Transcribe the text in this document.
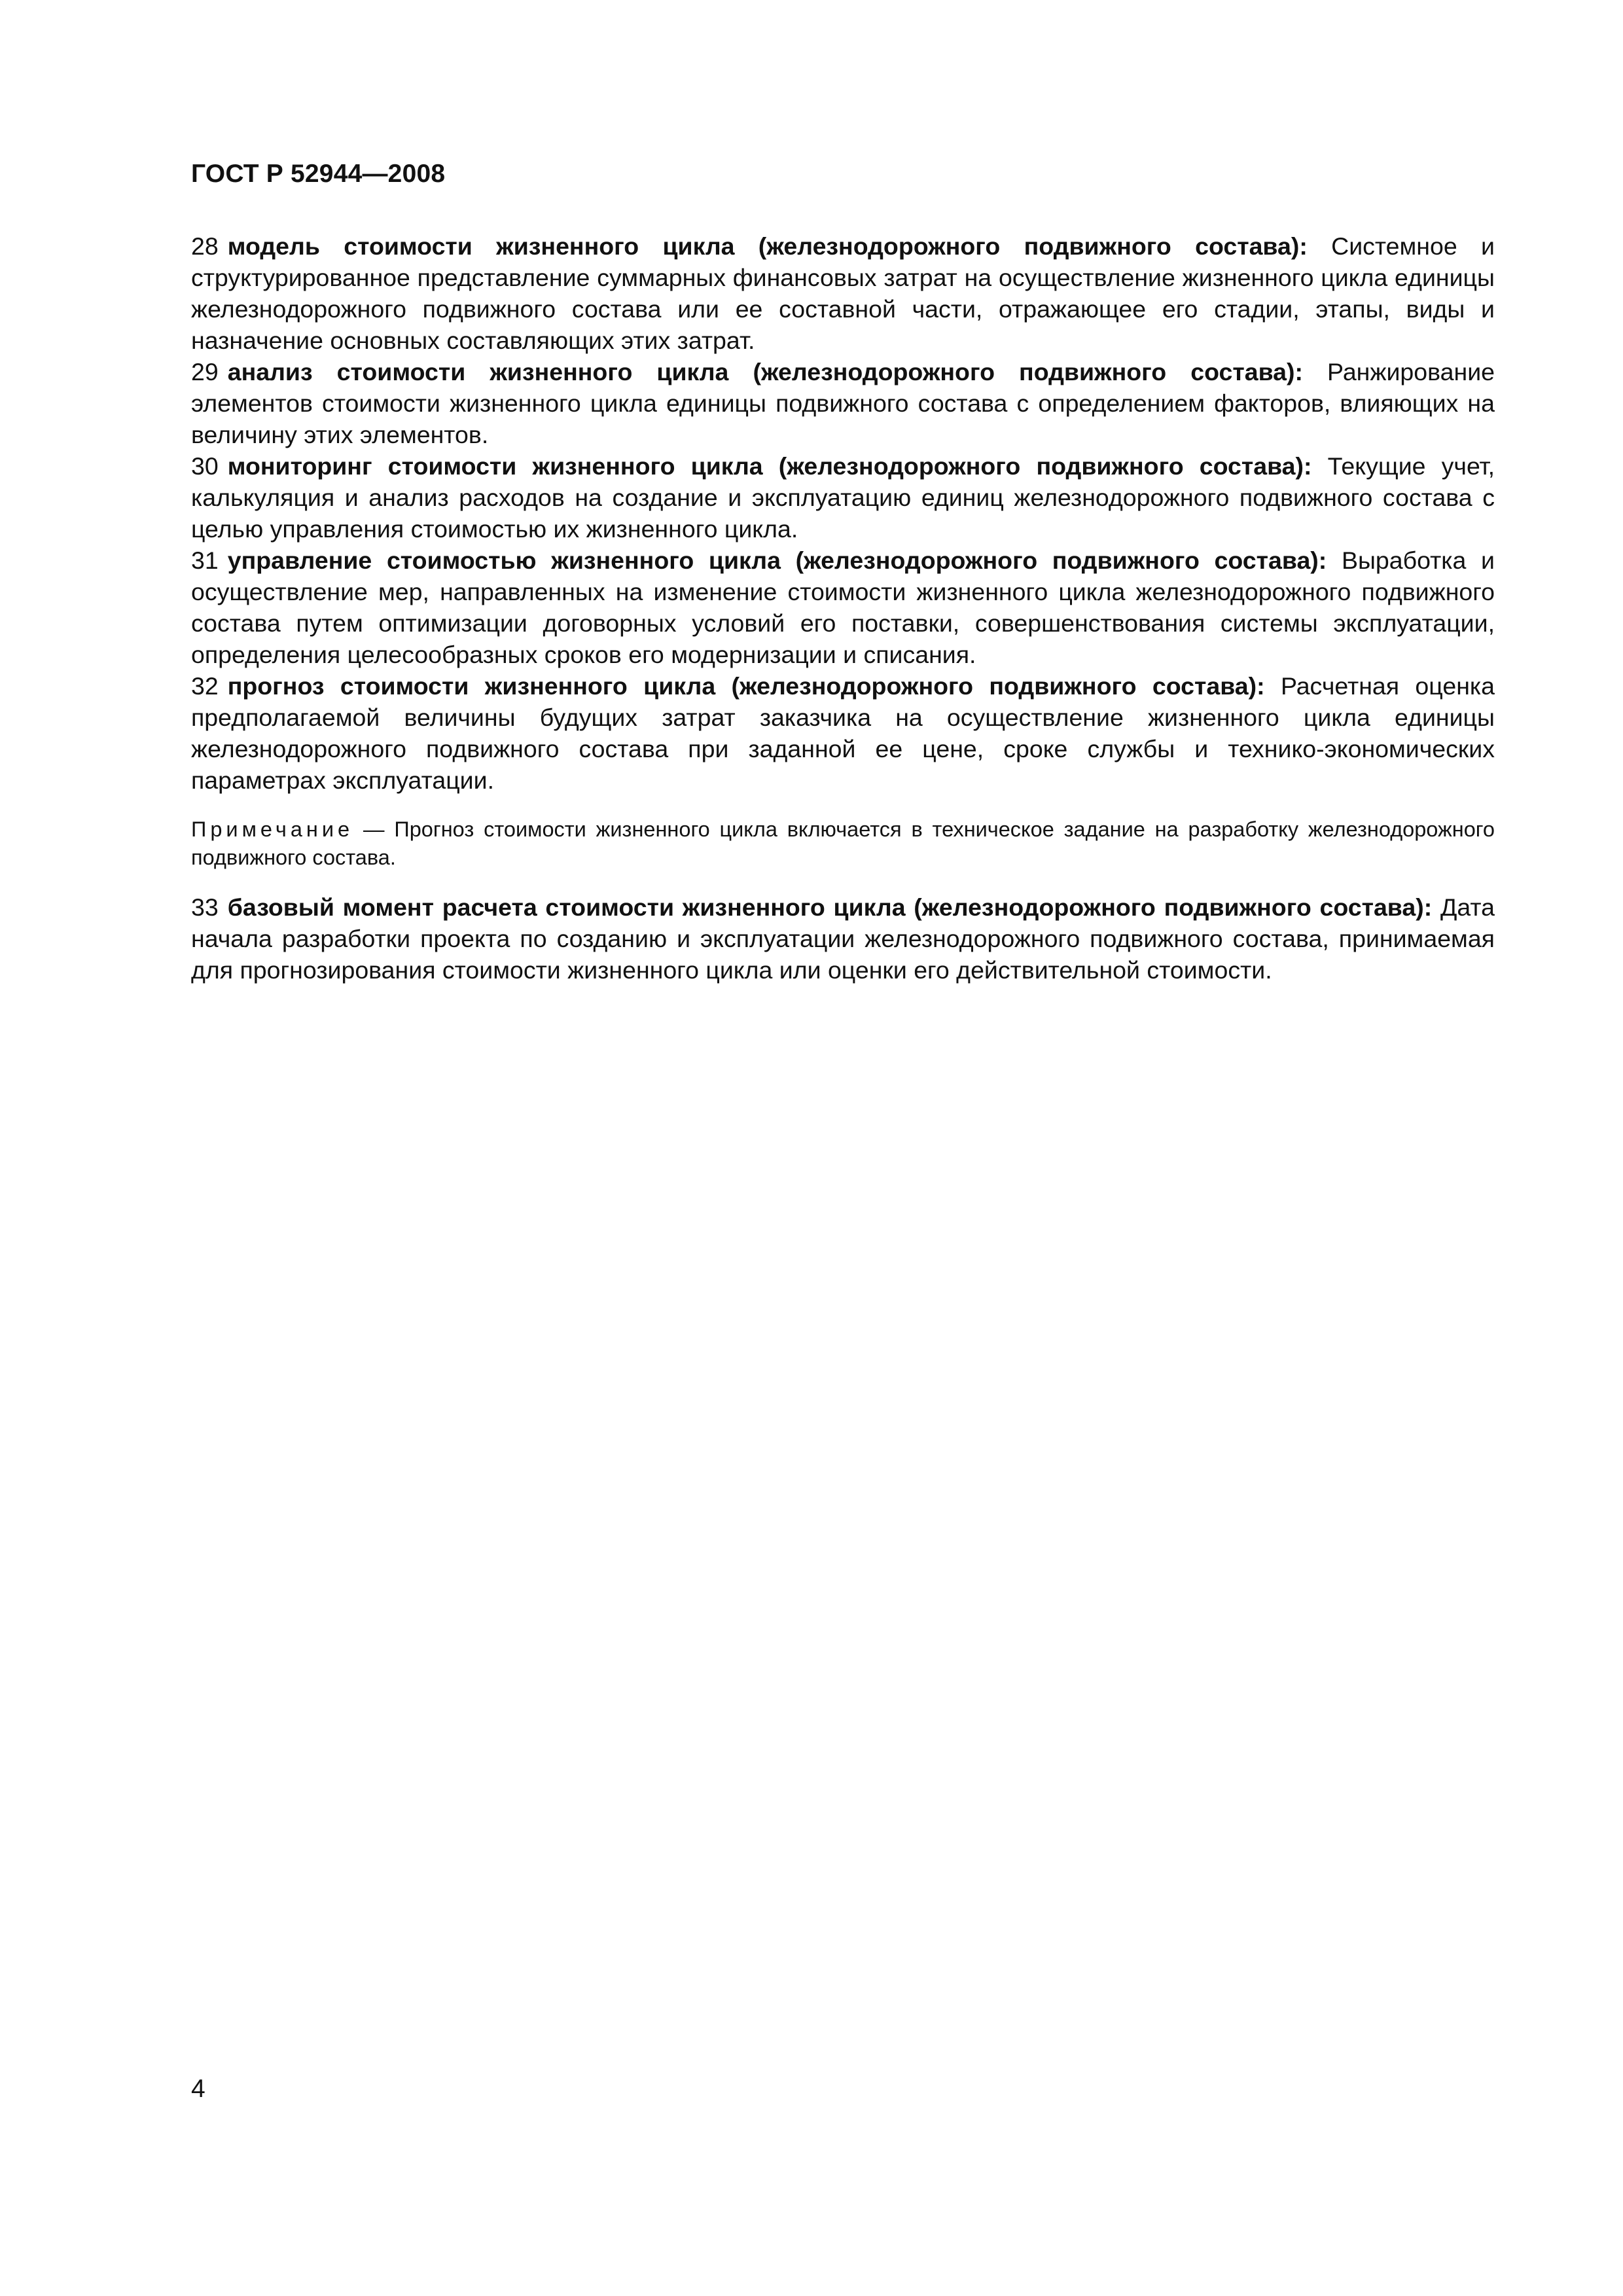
ГОСТ Р 52944—2008

28 модель стоимости жизненного цикла (железнодорожного подвижного состава): Системное и структурированное представление суммарных финансовых затрат на осуществление жизненного цикла единицы железнодорожного подвижного состава или ее составной части, отражающее его стадии, этапы, виды и назначение основных составляющих этих затрат.

29 анализ стоимости жизненного цикла (железнодорожного подвижного состава): Ранжирование элементов стоимости жизненного цикла единицы подвижного состава с определением факторов, влияющих на величину этих элементов.

30 мониторинг стоимости жизненного цикла (железнодорожного подвижного состава): Текущие учет, калькуляция и анализ расходов на создание и эксплуатацию единиц железнодорожного подвижного состава с целью управления стоимостью их жизненного цикла.

31 управление стоимостью жизненного цикла (железнодорожного подвижного состава): Выработка и осуществление мер, направленных на изменение стоимости жизненного цикла железнодорожного подвижного состава путем оптимизации договорных условий его поставки, совершенствования системы эксплуатации, определения целесообразных сроков его модернизации и списания.

32 прогноз стоимости жизненного цикла (железнодорожного подвижного состава): Расчетная оценка предполагаемой величины будущих затрат заказчика на осуществление жизненного цикла единицы железнодорожного подвижного состава при заданной ее цене, сроке службы и технико-экономических параметрах эксплуатации.

Примечание — Прогноз стоимости жизненного цикла включается в техническое задание на разработку железнодорожного подвижного состава.

33 базовый момент расчета стоимости жизненного цикла (железнодорожного подвижного состава): Дата начала разработки проекта по созданию и эксплуатации железнодорожного подвижного состава, принимаемая для прогнозирования стоимости жизненного цикла или оценки его действительной стоимости.

4
